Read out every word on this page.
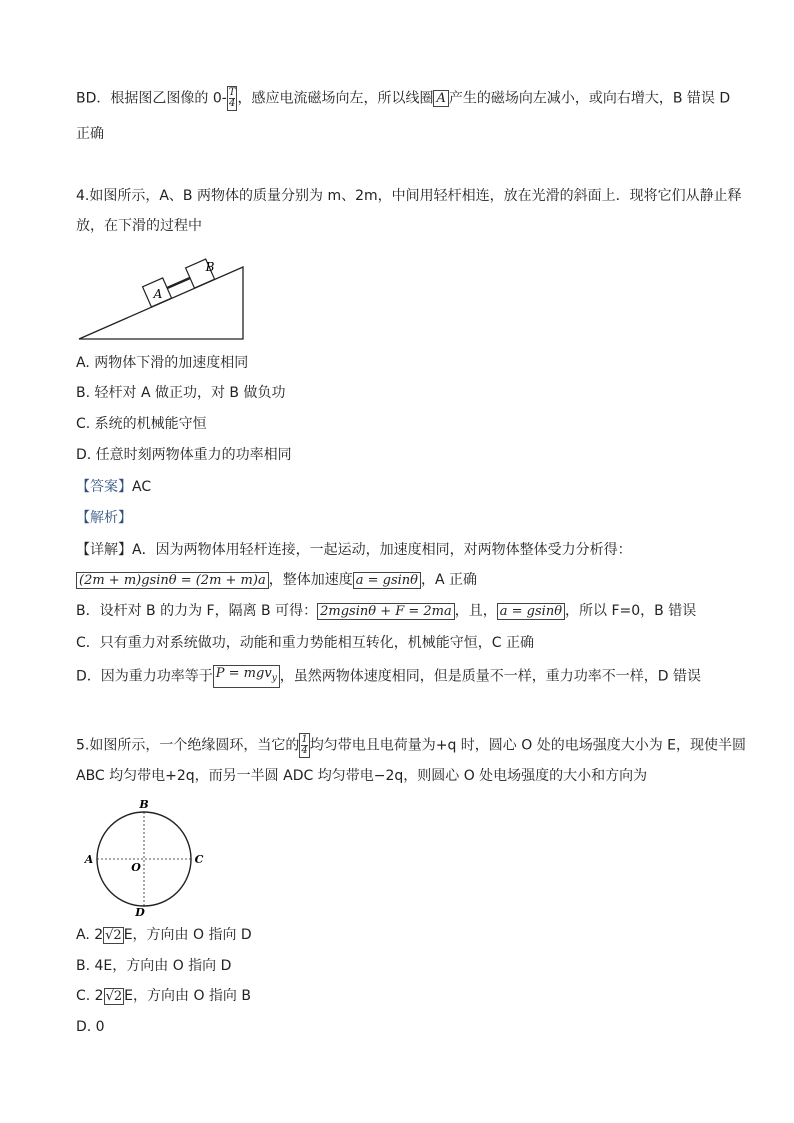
BD．根据图乙图像的 $0- \frac{T}{4}$ ，感应电流磁场向左，所以线圈 A 产生的磁场向左减小，或向右增大，B 错误 D
正确
4.如图所示，A、B 两物体的质量分别为 m、2m，中间用轻杆相连，放在光滑的斜面上．现将它们从静止释
放，在下滑的过程中
A
B
A. 两物体下滑的加速度相同
B. 轻杆对 A 做正功，对 B 做负功
C. 系统的机械能守恒
D. 任意时刻两物体重力的功率相同
【答案】AC
【解析】
【详解】A．因为两物体用轻杆连接，一起运动，加速度相同，对两物体整体受力分析得：
(2m + m)gsinθ = (2m + m)a ，整体加速度 a = gsinθ ，A 正确
B．设杆对 B 的力为 F，隔离 B 可得： 2mgsinθ + F = 2ma ，且， a = gsinθ ，所以 F=0，B 错误
C．只有重力对系统做功，动能和重力势能相互转化，机械能守恒，C 正确
D．因为重力功率等于 P = mgv$_y$ ，虽然两物体速度相同，但是质量不一样，重力功率不一样，D 错误
5.如图所示，一个绝缘圆环，当它的 $\frac{1}{4}$ 均匀带电且电荷量为+q 时，圆心 O 处的电场强度大小为 E，现使半圆
ABC 均匀带电+2q，而另一半圆 ADC 均匀带电−2q，则圆心 O 处电场强度的大小和方向为
B
A	C
D
O
A. 2 √2 E，方向由 O 指向 D
B. 4E，方向由 O 指向 D
C. 2 √2 E，方向由 O 指向 B
D. 0
